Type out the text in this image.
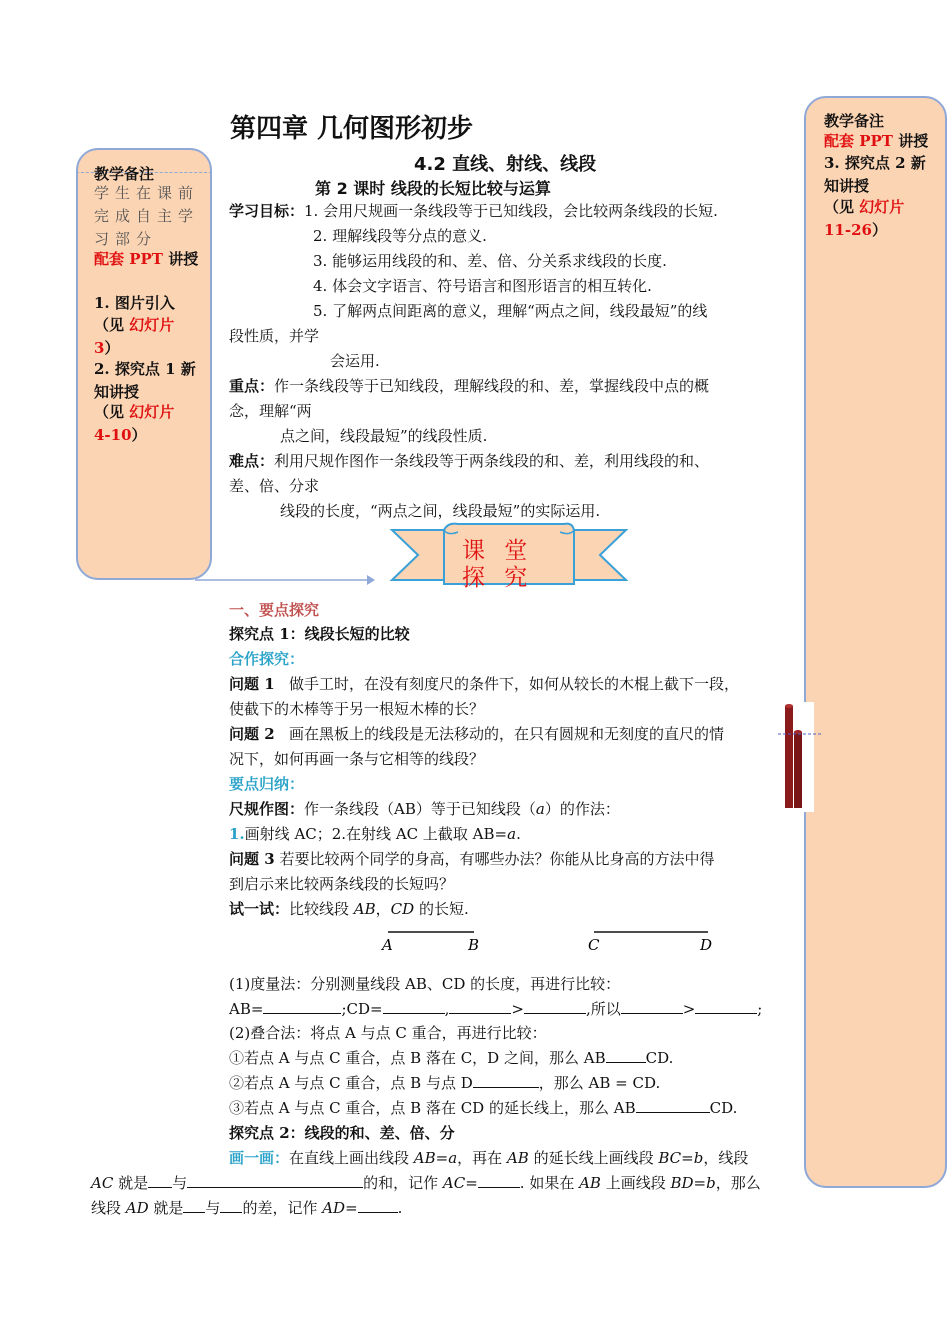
教学备注
学生在课前完成自主学习部分
配套 PPT 讲授
1. 图片引入
（见 幻灯片
3）
2. 探究点 1 新知讲授
（见 幻灯片
4-10）
教学备注
配套 PPT 讲授
3. 探究点 2 新知讲授
（见 幻灯片
11-26）
第四章 几何图形初步
4.2 直线、射线、线段
第 2 课时 线段的长短比较与运算
学习目标：1. 会用尺规画一条线段等于已知线段，会比较两条线段的长短.
2. 理解线段等分点的意义.
3. 能够运用线段的和、差、倍、分关系求线段的长度.
4. 体会文字语言、符号语言和图形语言的相互转化.
5. 了解两点间距离的意义，理解“两点之间，线段最短”的线
段性质，并学
会运用.
重点：作一条线段等于已知线段，理解线段的和、差，掌握线段中点的概
念，理解“两
点之间，线段最短”的线段性质.
难点：利用尺规作图作一条线段等于两条线段的和、差，利用线段的和、
差、倍、分求
线段的长度，“两点之间，线段最短”的实际运用.
课 堂 探 究
一、要点探究
探究点 1：线段长短的比较
合作探究：
问题 1 做手工时，在没有刻度尺的条件下，如何从较长的木棍上截下一段，
使截下的木棒等于另一根短木棒的长？
问题 2 画在黑板上的线段是无法移动的，在只有圆规和无刻度的直尺的情
况下，如何再画一条与它相等的线段？
要点归纳：
尺规作图：作一条线段（AB）等于已知线段（a）的作法：
1.画射线 AC；2.在射线 AC 上截取 AB=a.
问题 3 若要比较两个同学的身高，有哪些办法？你能从比身高的方法中得
到启示来比较两条线段的长短吗？
试一试：比较线段 AB，CD 的长短.
A	B	C	D
(1)度量法：分别测量线段 AB、CD 的长度，再进行比较：
AB=	;CD=	,	>	,所以	>	;
(2)叠合法：将点 A 与点 C 重合，再进行比较：
①若点 A 与点 C 重合，点 B 落在 C，D 之间，那么 AB	CD.
②若点 A 与点 C 重合，点 B 与点 D	，那么 AB = CD.
③若点 A 与点 C 重合，点 B 落在 CD 的延长线上，那么 AB	CD.
探究点 2：线段的和、差、倍、分
画一画：在直线上画出线段 AB=a，再在 AB 的延长线上画线段 BC=b，线段
AC 就是 与	的和，记作 AC=	. 如果在 AB 上画线段 BD=b，那么
线段 AD 就是 与 的差，记作 AD=	.
